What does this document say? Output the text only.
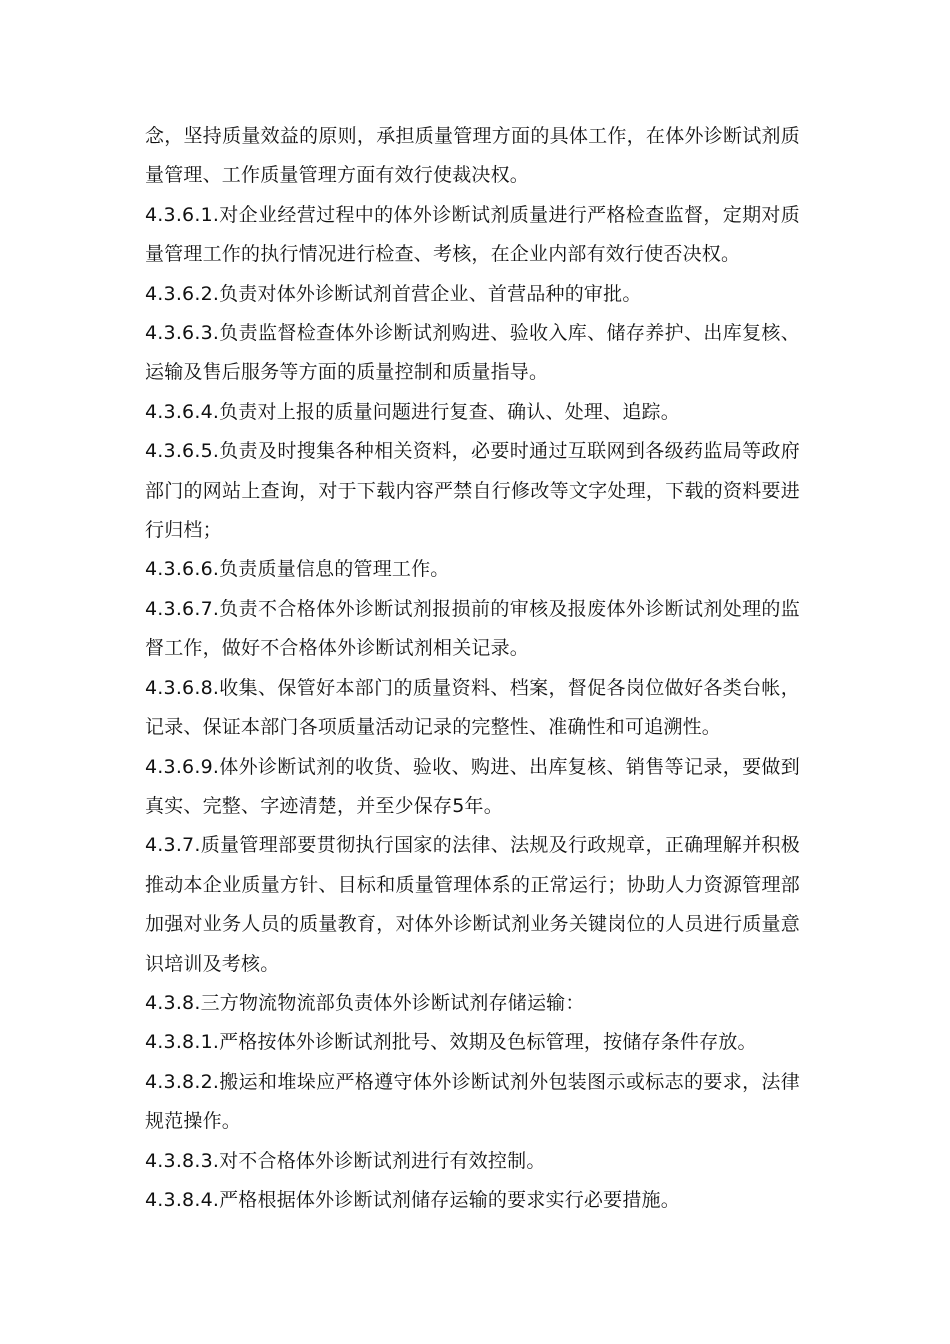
念，坚持质量效益的原则，承担质量管理方面的具体工作，在体外诊断试剂质量管理、工作质量管理方面有效行使裁决权。

4.3.6.1.对企业经营过程中的体外诊断试剂质量进行严格检查监督，定期对质量管理工作的执行情况进行检查、考核，在企业内部有效行使否决权。

4.3.6.2.负责对体外诊断试剂首营企业、首营品种的审批。

4.3.6.3.负责监督检查体外诊断试剂购进、验收入库、储存养护、出库复核、运输及售后服务等方面的质量控制和质量指导。

4.3.6.4.负责对上报的质量问题进行复查、确认、处理、追踪。

4.3.6.5.负责及时搜集各种相关资料，必要时通过互联网到各级药监局等政府部门的网站上查询，对于下载内容严禁自行修改等文字处理，下载的资料要进行归档；

4.3.6.6.负责质量信息的管理工作。

4.3.6.7.负责不合格体外诊断试剂报损前的审核及报废体外诊断试剂处理的监督工作，做好不合格体外诊断试剂相关记录。

4.3.6.8.收集、保管好本部门的质量资料、档案，督促各岗位做好各类台帐，记录、保证本部门各项质量活动记录的完整性、准确性和可追溯性。

4.3.6.9.体外诊断试剂的收货、验收、购进、出库复核、销售等记录，要做到真实、完整、字迹清楚，并至少保存5年。

4.3.7.质量管理部要贯彻执行国家的法律、法规及行政规章，正确理解并积极推动本企业质量方针、目标和质量管理体系的正常运行；协助人力资源管理部加强对业务人员的质量教育，对体外诊断试剂业务关键岗位的人员进行质量意识培训及考核。

4.3.8.三方物流物流部负责体外诊断试剂存储运输：

4.3.8.1.严格按体外诊断试剂批号、效期及色标管理，按储存条件存放。

4.3.8.2.搬运和堆垛应严格遵守体外诊断试剂外包装图示或标志的要求，法律规范操作。

4.3.8.3.对不合格体外诊断试剂进行有效控制。

4.3.8.4.严格根据体外诊断试剂储存运输的要求实行必要措施。
